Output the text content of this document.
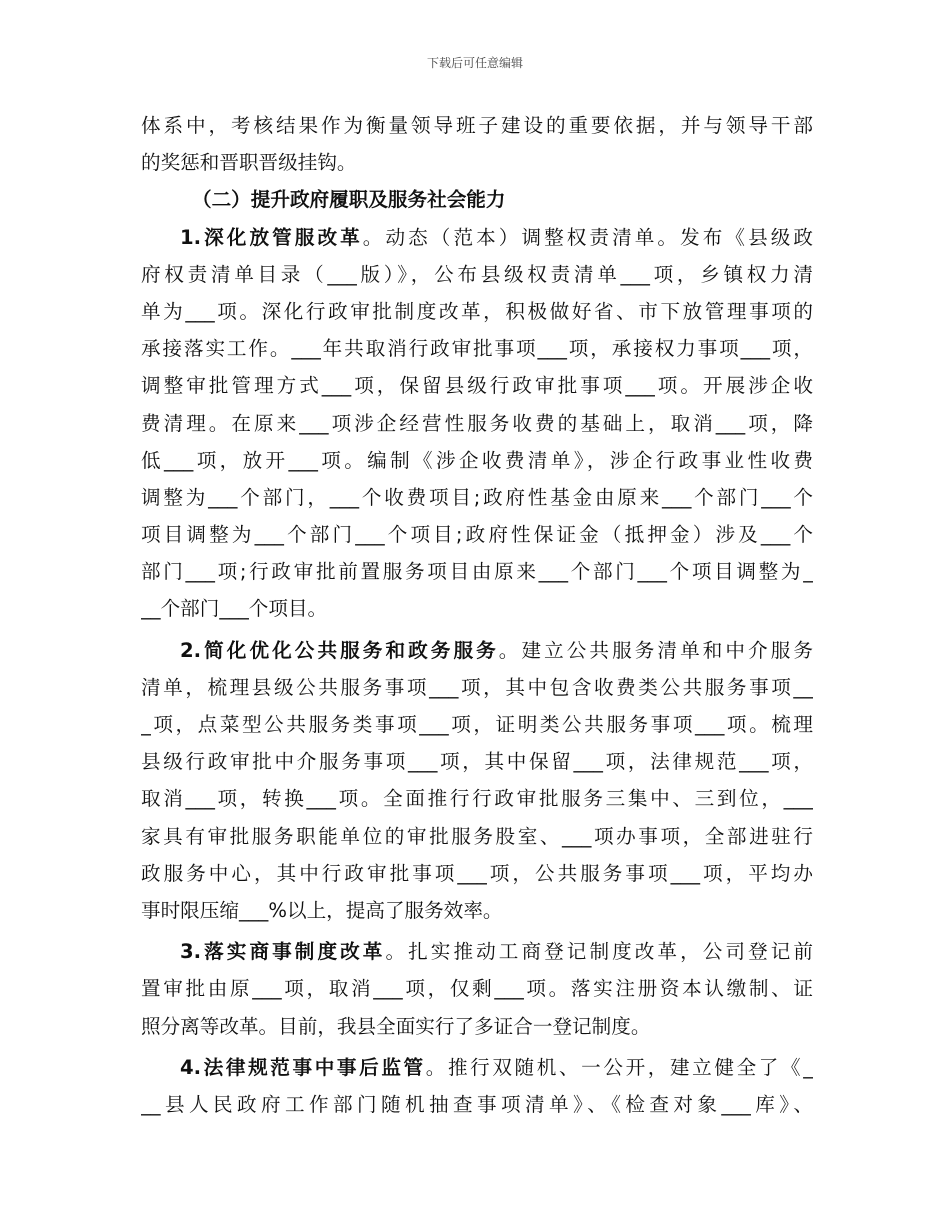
下载后可任意编辑
体系中，考核结果作为衡量领导班子建设的重要依据，并与领导干部
的奖惩和晋职晋级挂钩。
（二）提升政府履职及服务社会能力
1.深化放管服改革。动态（范本）调整权责清单。发布《县级政
府权责清单目录（___版）》，公布县级权责清单___项，乡镇权力清
单为___项。深化行政审批制度改革，积极做好省、市下放管理事项的
承接落实工作。___年共取消行政审批事项___项，承接权力事项___项，
调整审批管理方式___项，保留县级行政审批事项___项。开展涉企收
费清理。在原来___项涉企经营性服务收费的基础上，取消___项，降
低___项，放开___项。编制《涉企收费清单》，涉企行政事业性收费
调整为___个部门，___个收费项目;政府性基金由原来___个部门___个
项目调整为___个部门___个项目;政府性保证金（抵押金）涉及___个
部门___项;行政审批前置服务项目由原来___个部门___个项目调整为_
__个部门___个项目。
2.简化优化公共服务和政务服务。建立公共服务清单和中介服务
清单，梳理县级公共服务事项___项，其中包含收费类公共服务事项__
_项，点菜型公共服务类事项___项，证明类公共服务事项___项。梳理
县级行政审批中介服务事项___项，其中保留___项，法律规范___项，
取消___项，转换___项。全面推行行政审批服务三集中、三到位，___
家具有审批服务职能单位的审批服务股室、___项办事项，全部进驻行
政服务中心，其中行政审批事项___项，公共服务事项___项，平均办
事时限压缩___%以上，提高了服务效率。
3.落实商事制度改革。扎实推动工商登记制度改革，公司登记前
置审批由原___项，取消___项，仅剩___项。落实注册资本认缴制、证
照分离等改革。目前，我县全面实行了多证合一登记制度。
4.法律规范事中事后监管。推行双随机、一公开，建立健全了《_
__县人民政府工作部门随机抽查事项清单》、《检查对象___库》、
